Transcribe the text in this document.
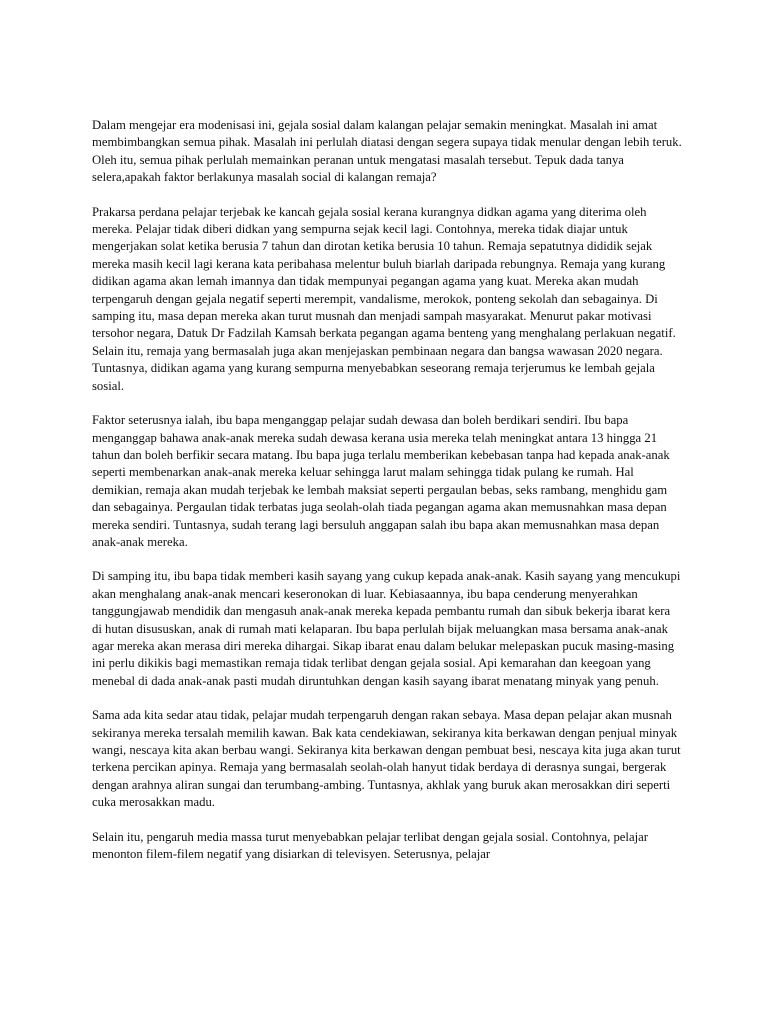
Dalam mengejar era modenisasi ini, gejala sosial dalam kalangan pelajar semakin meningkat. Masalah ini amat membimbangkan semua pihak. Masalah ini perlulah diatasi dengan segera supaya tidak menular dengan lebih teruk. Oleh itu, semua pihak perlulah memainkan peranan untuk mengatasi masalah tersebut. Tepuk dada tanya selera,apakah faktor berlakunya masalah social di kalangan remaja?

Prakarsa perdana pelajar terjebak ke kancah gejala sosial kerana kurangnya didkan agama yang diterima oleh mereka. Pelajar tidak diberi didkan yang sempurna sejak kecil lagi. Contohnya, mereka tidak diajar untuk mengerjakan solat ketika berusia 7 tahun dan dirotan ketika berusia 10 tahun. Remaja sepatutnya dididik sejak mereka masih kecil lagi kerana kata peribahasa melentur buluh biarlah daripada rebungnya. Remaja yang kurang didikan agama akan lemah imannya dan tidak mempunyai pegangan agama yang kuat. Mereka akan mudah terpengaruh dengan gejala negatif seperti merempit, vandalisme, merokok, ponteng sekolah dan sebagainya. Di samping itu, masa depan mereka akan turut musnah dan menjadi sampah masyarakat. Menurut pakar motivasi tersohor negara, Datuk Dr Fadzilah Kamsah berkata pegangan agama benteng yang menghalang perlakuan negatif. Selain itu, remaja yang bermasalah juga akan menjejaskan pembinaan negara dan bangsa wawasan 2020 negara. Tuntasnya, didikan agama yang kurang sempurna menyebabkan seseorang remaja terjerumus ke lembah gejala sosial.

Faktor seterusnya ialah, ibu bapa menganggap pelajar sudah dewasa dan boleh berdikari sendiri. Ibu bapa menganggap bahawa anak-anak mereka sudah dewasa kerana usia mereka telah meningkat antara 13 hingga 21 tahun dan boleh berfikir secara matang. Ibu bapa juga terlalu memberikan kebebasan tanpa had kepada anak-anak seperti membenarkan anak-anak mereka keluar sehingga larut malam sehingga tidak pulang ke rumah. Hal demikian, remaja akan mudah terjebak ke lembah maksiat seperti pergaulan bebas, seks rambang, menghidu gam dan sebagainya. Pergaulan tidak terbatas juga seolah-olah tiada pegangan agama akan memusnahkan masa depan mereka sendiri. Tuntasnya, sudah terang lagi bersuluh anggapan salah ibu bapa akan memusnahkan masa depan anak-anak mereka.

Di samping itu, ibu bapa tidak memberi kasih sayang yang cukup kepada anak-anak. Kasih sayang yang mencukupi akan menghalang anak-anak mencari keseronokan di luar. Kebiasaannya, ibu bapa cenderung menyerahkan tanggungjawab mendidik dan mengasuh anak-anak mereka kepada pembantu rumah dan sibuk bekerja ibarat kera di hutan disususkan, anak di rumah mati kelaparan. Ibu bapa perlulah bijak meluangkan masa bersama anak-anak agar mereka akan merasa diri mereka dihargai. Sikap ibarat enau dalam belukar melepaskan pucuk masing-masing ini perlu dikikis bagi memastikan remaja tidak terlibat dengan gejala sosial. Api kemarahan dan keegoan yang menebal di dada anak-anak pasti mudah diruntuhkan dengan kasih sayang ibarat menatang minyak yang penuh.

Sama ada kita sedar atau tidak, pelajar mudah terpengaruh dengan rakan sebaya. Masa depan pelajar akan musnah sekiranya mereka tersalah memilih kawan. Bak kata cendekiawan, sekiranya kita berkawan dengan penjual minyak wangi, nescaya kita akan berbau wangi. Sekiranya kita berkawan dengan pembuat besi, nescaya kita juga akan turut terkena percikan apinya. Remaja yang bermasalah seolah-olah hanyut tidak berdaya di derasnya sungai, bergerak dengan arahnya aliran sungai dan terumbang-ambing. Tuntasnya, akhlak yang buruk akan merosakkan diri seperti cuka merosakkan madu.

Selain itu, pengaruh media massa turut menyebabkan pelajar terlibat dengan gejala sosial. Contohnya, pelajar menonton filem-filem negatif yang disiarkan di televisyen. Seterusnya, pelajar
